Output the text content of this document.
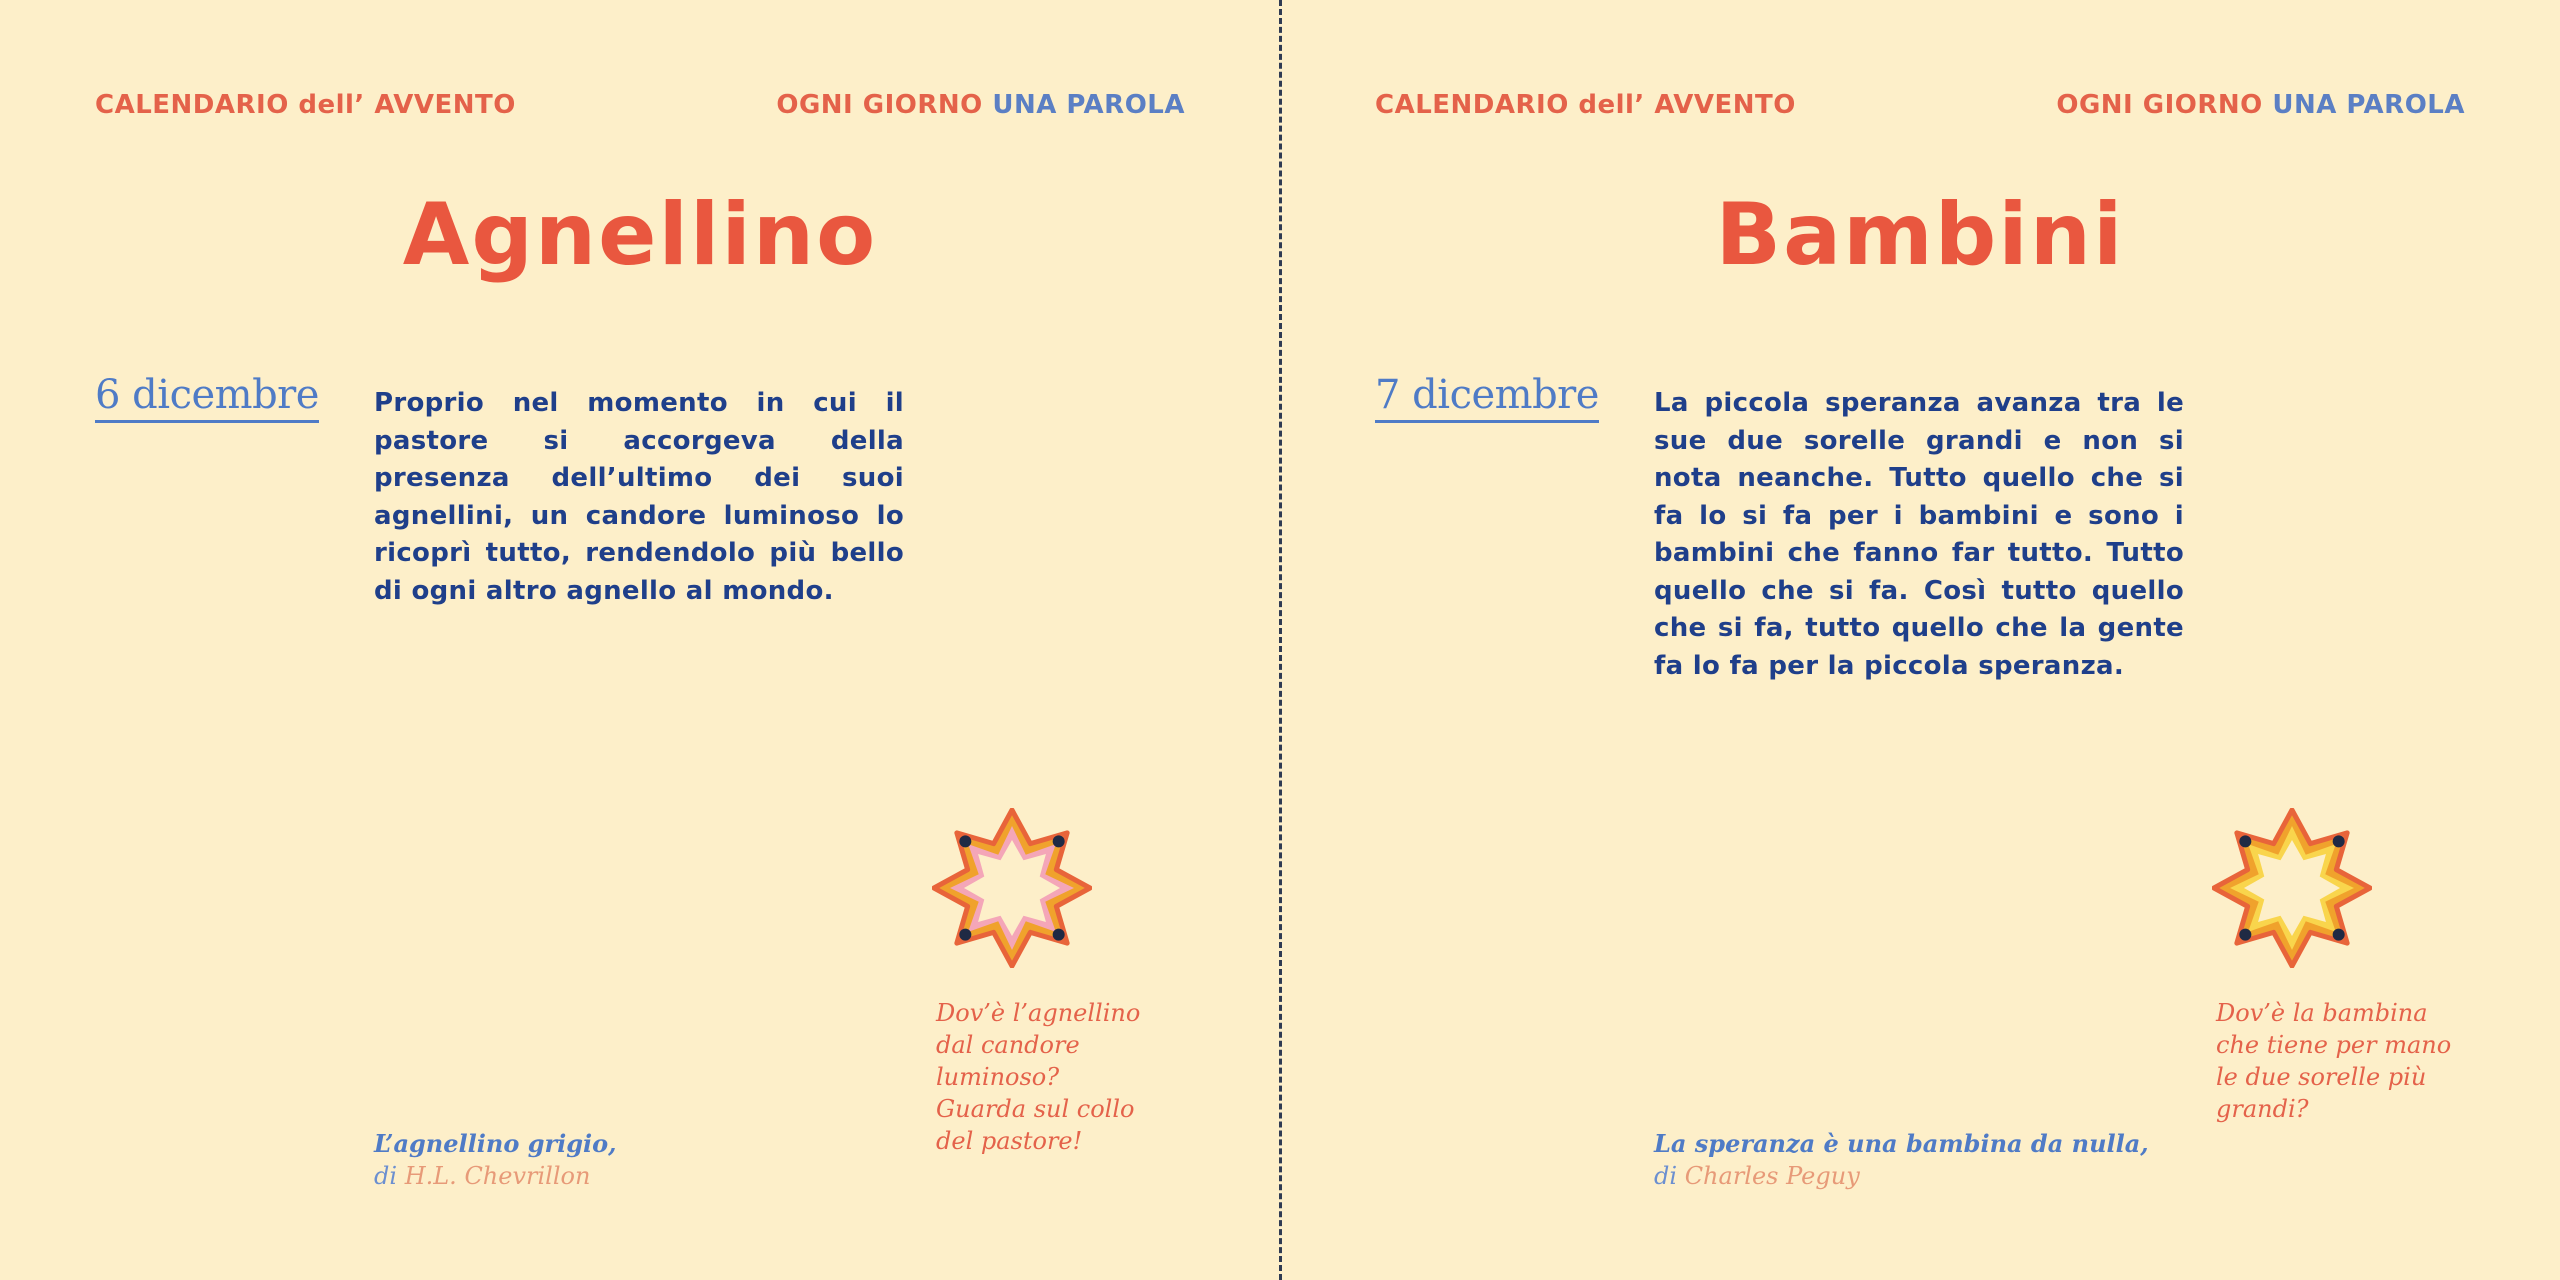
CALENDARIO dell’ AVVENTO	OGNI GIORNO UNA PAROLA
Agnellino
6 dicembre Proprio nel momento in cui il pastore si accorgeva della presenza dell’ultimo dei suoi agnellini, un candore luminoso lo ricoprì tutto, rendendolo più bello di ogni altro agnello al mondo.
Dov’è l’agnellino
dal candore
luminoso?
Guarda sul collo
del pastore!
L’agnellino grigio,
di H.L. Chevrillon
CALENDARIO dell’ AVVENTO	OGNI GIORNO UNA PAROLA
Bambini
7 dicembre La piccola speranza avanza tra le sue due sorelle grandi e non si nota neanche. Tutto quello che si fa lo si fa per i bambini e sono i bambini che fanno far tutto. Tutto quello che si fa. Così tutto quello che si fa, tutto quello che la gente fa lo fa per la piccola speranza.
Dov’è la bambina
che tiene per mano
le due sorelle più
grandi?
La speranza è una bambina da nulla,
di Charles Peguy
